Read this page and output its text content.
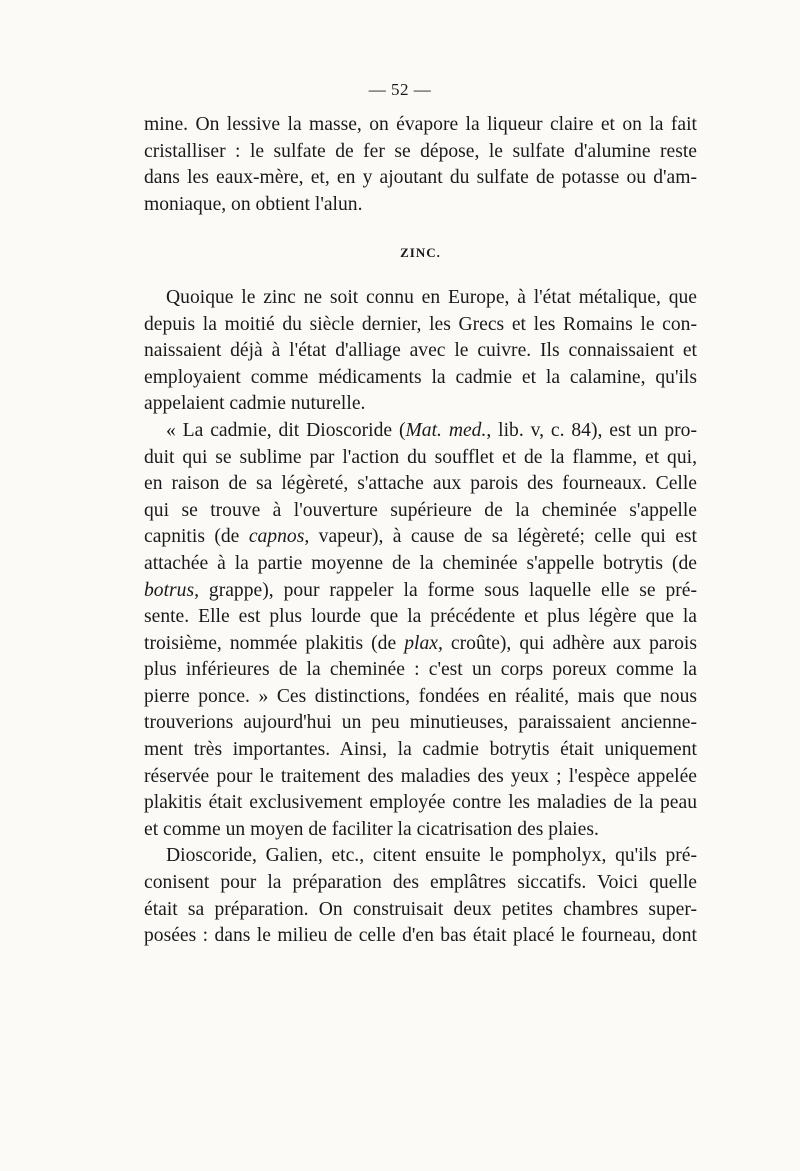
— 52 —
mine. On lessive la masse, on évapore la liqueur claire et on la fait
cristalliser : le sulfate de fer se dépose, le sulfate d'alumine reste
dans les eaux-mère, et, en y ajoutant du sulfate de potasse ou d'am-
moniaque, on obtient l'alun.
ZINC.
Quoique le zinc ne soit connu en Europe, à l'état métalique, que
depuis la moitié du siècle dernier, les Grecs et les Romains le con-
naissaient déjà à l'état d'alliage avec le cuivre. Ils connaissaient et
employaient comme médicaments la cadmie et la calamine, qu'ils
appelaient cadmie nuturelle.
« La cadmie, dit Dioscoride (Mat. med., lib. v, c. 84), est un pro-
duit qui se sublime par l'action du soufflet et de la flamme, et qui,
en raison de sa légèreté, s'attache aux parois des fourneaux. Celle
qui se trouve à l'ouverture supérieure de la cheminée s'appelle
capnitis (de capnos, vapeur), à cause de sa légèreté; celle qui est
attachée à la partie moyenne de la cheminée s'appelle botrytis (de
botrus, grappe), pour rappeler la forme sous laquelle elle se pré-
sente. Elle est plus lourde que la précédente et plus légère que la
troisième, nommée plakitis (de plax, croûte), qui adhère aux parois
plus inférieures de la cheminée : c'est un corps poreux comme la
pierre ponce. » Ces distinctions, fondées en réalité, mais que nous
trouverions aujourd'hui un peu minutieuses, paraissaient ancienne-
ment très importantes. Ainsi, la cadmie botrytis était uniquement
réservée pour le traitement des maladies des yeux ; l'espèce appelée
plakitis était exclusivement employée contre les maladies de la peau
et comme un moyen de faciliter la cicatrisation des plaies.
Dioscoride, Galien, etc., citent ensuite le pompholyx, qu'ils pré-
conisent pour la préparation des emplâtres siccatifs. Voici quelle
était sa préparation. On construisait deux petites chambres super-
posées : dans le milieu de celle d'en bas était placé le fourneau, dont
